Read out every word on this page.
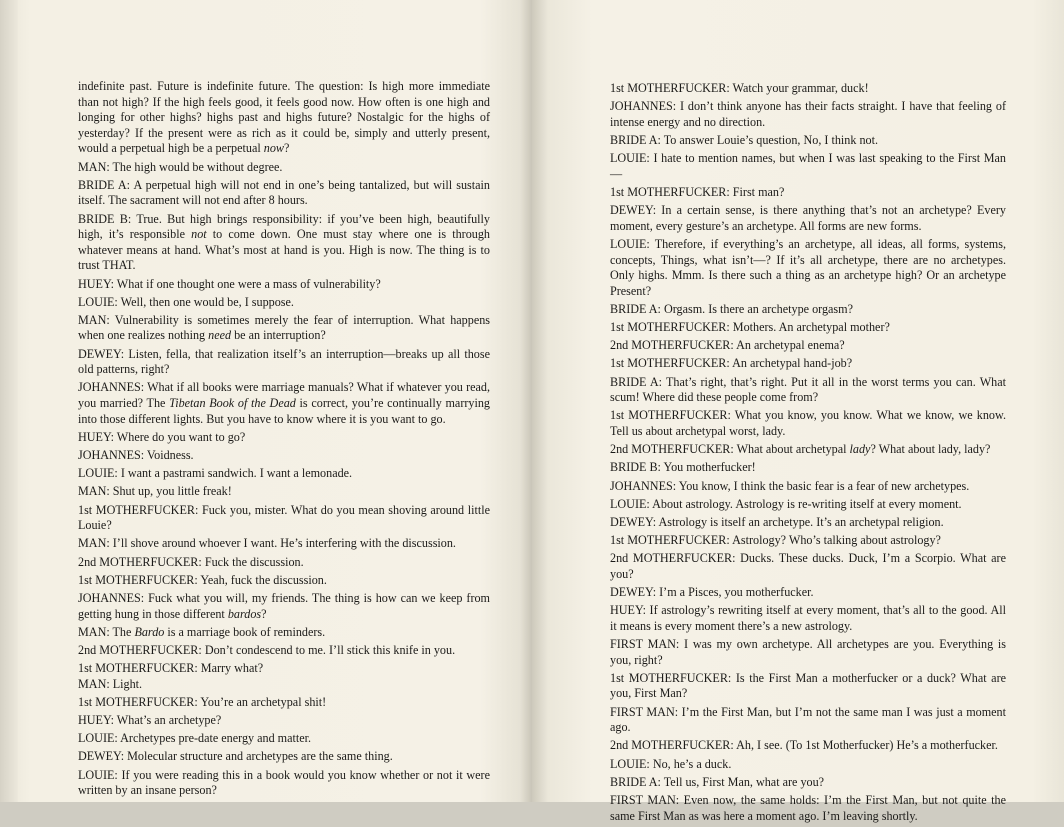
indefinite past. Future is indefinite future. The question: Is high more immediate than not high? If the high feels good, it feels good now. How often is one high and longing for other highs? highs past and highs future? Nostalgic for the highs of yesterday? If the present were as rich as it could be, simply and utterly present, would a perpetual high be a perpetual now?

MAN: The high would be without degree.

BRIDE A: A perpetual high will not end in one’s being tantalized, but will sustain itself. The sacrament will not end after 8 hours.

BRIDE B: True. But high brings responsibility: if you’ve been high, beautifully high, it’s responsible not to come down. One must stay where one is through whatever means at hand. What’s most at hand is you. High is now. The thing is to trust THAT.

HUEY: What if one thought one were a mass of vulnerability?

LOUIE: Well, then one would be, I suppose.

MAN: Vulnerability is sometimes merely the fear of interruption. What happens when one realizes nothing need be an interruption?

DEWEY: Listen, fella, that realization itself’s an interruption—breaks up all those old patterns, right?

JOHANNES: What if all books were marriage manuals? What if whatever you read, you married? The Tibetan Book of the Dead is correct, you’re continually marrying into those different lights. But you have to know where it is you want to go.

HUEY: Where do you want to go?

JOHANNES: Voidness.

LOUIE: I want a pastrami sandwich. I want a lemonade.

MAN: Shut up, you little freak!

1st MOTHERFUCKER: Fuck you, mister. What do you mean shoving around little Louie?

MAN: I’ll shove around whoever I want. He’s interfering with the discussion.

2nd MOTHERFUCKER: Fuck the discussion.

1st MOTHERFUCKER: Yeah, fuck the discussion.

JOHANNES: Fuck what you will, my friends. The thing is how can we keep from getting hung in those different bardos?

MAN: The Bardo is a marriage book of reminders.

2nd MOTHERFUCKER: Don’t condescend to me. I’ll stick this knife in you.

1st MOTHERFUCKER: Marry what?
MAN: Light.

1st MOTHERFUCKER: You’re an archetypal shit!

HUEY: What’s an archetype?

LOUIE: Archetypes pre-date energy and matter.

DEWEY: Molecular structure and archetypes are the same thing.

LOUIE: If you were reading this in a book would you know whether or not it were written by an insane person?

1st MOTHERFUCKER: Watch your grammar, duck!

JOHANNES: I don’t think anyone has their facts straight. I have that feeling of intense energy and no direction.

BRIDE A: To answer Louie’s question, No, I think not.

LOUIE: I hate to mention names, but when I was last speaking to the First Man—

1st MOTHERFUCKER: First man?

DEWEY: In a certain sense, is there anything that’s not an archetype? Every moment, every gesture’s an archetype. All forms are new forms.

LOUIE: Therefore, if everything’s an archetype, all ideas, all forms, systems, concepts, Things, what isn’t—? If it’s all archetype, there are no archetypes. Only highs. Mmm. Is there such a thing as an archetype high? Or an archetype Present?

BRIDE A: Orgasm. Is there an archetype orgasm?

1st MOTHERFUCKER: Mothers. An archetypal mother?

2nd MOTHERFUCKER: An archetypal enema?

1st MOTHERFUCKER: An archetypal hand-job?

BRIDE A: That’s right, that’s right. Put it all in the worst terms you can. What scum! Where did these people come from?

1st MOTHERFUCKER: What you know, you know. What we know, we know. Tell us about archetypal worst, lady.

2nd MOTHERFUCKER: What about archetypal lady? What about lady, lady?

BRIDE B: You motherfucker!

JOHANNES: You know, I think the basic fear is a fear of new archetypes.

LOUIE: About astrology. Astrology is re-writing itself at every moment.

DEWEY: Astrology is itself an archetype. It’s an archetypal religion.

1st MOTHERFUCKER: Astrology? Who’s talking about astrology?

2nd MOTHERFUCKER: Ducks. These ducks. Duck, I’m a Scorpio. What are you?

DEWEY: I’m a Pisces, you motherfucker.

HUEY: If astrology’s rewriting itself at every moment, that’s all to the good. All it means is every moment there’s a new astrology.

FIRST MAN: I was my own archetype. All archetypes are you. Everything is you, right?

1st MOTHERFUCKER: Is the First Man a motherfucker or a duck? What are you, First Man?

FIRST MAN: I’m the First Man, but I’m not the same man I was just a moment ago.

2nd MOTHERFUCKER: Ah, I see. (To 1st Motherfucker) He’s a motherfucker.

LOUIE: No, he’s a duck.

BRIDE A: Tell us, First Man, what are you?

FIRST MAN: Even now, the same holds: I’m the First Man, but not quite the same First Man as was here a moment ago. I’m leaving shortly.
